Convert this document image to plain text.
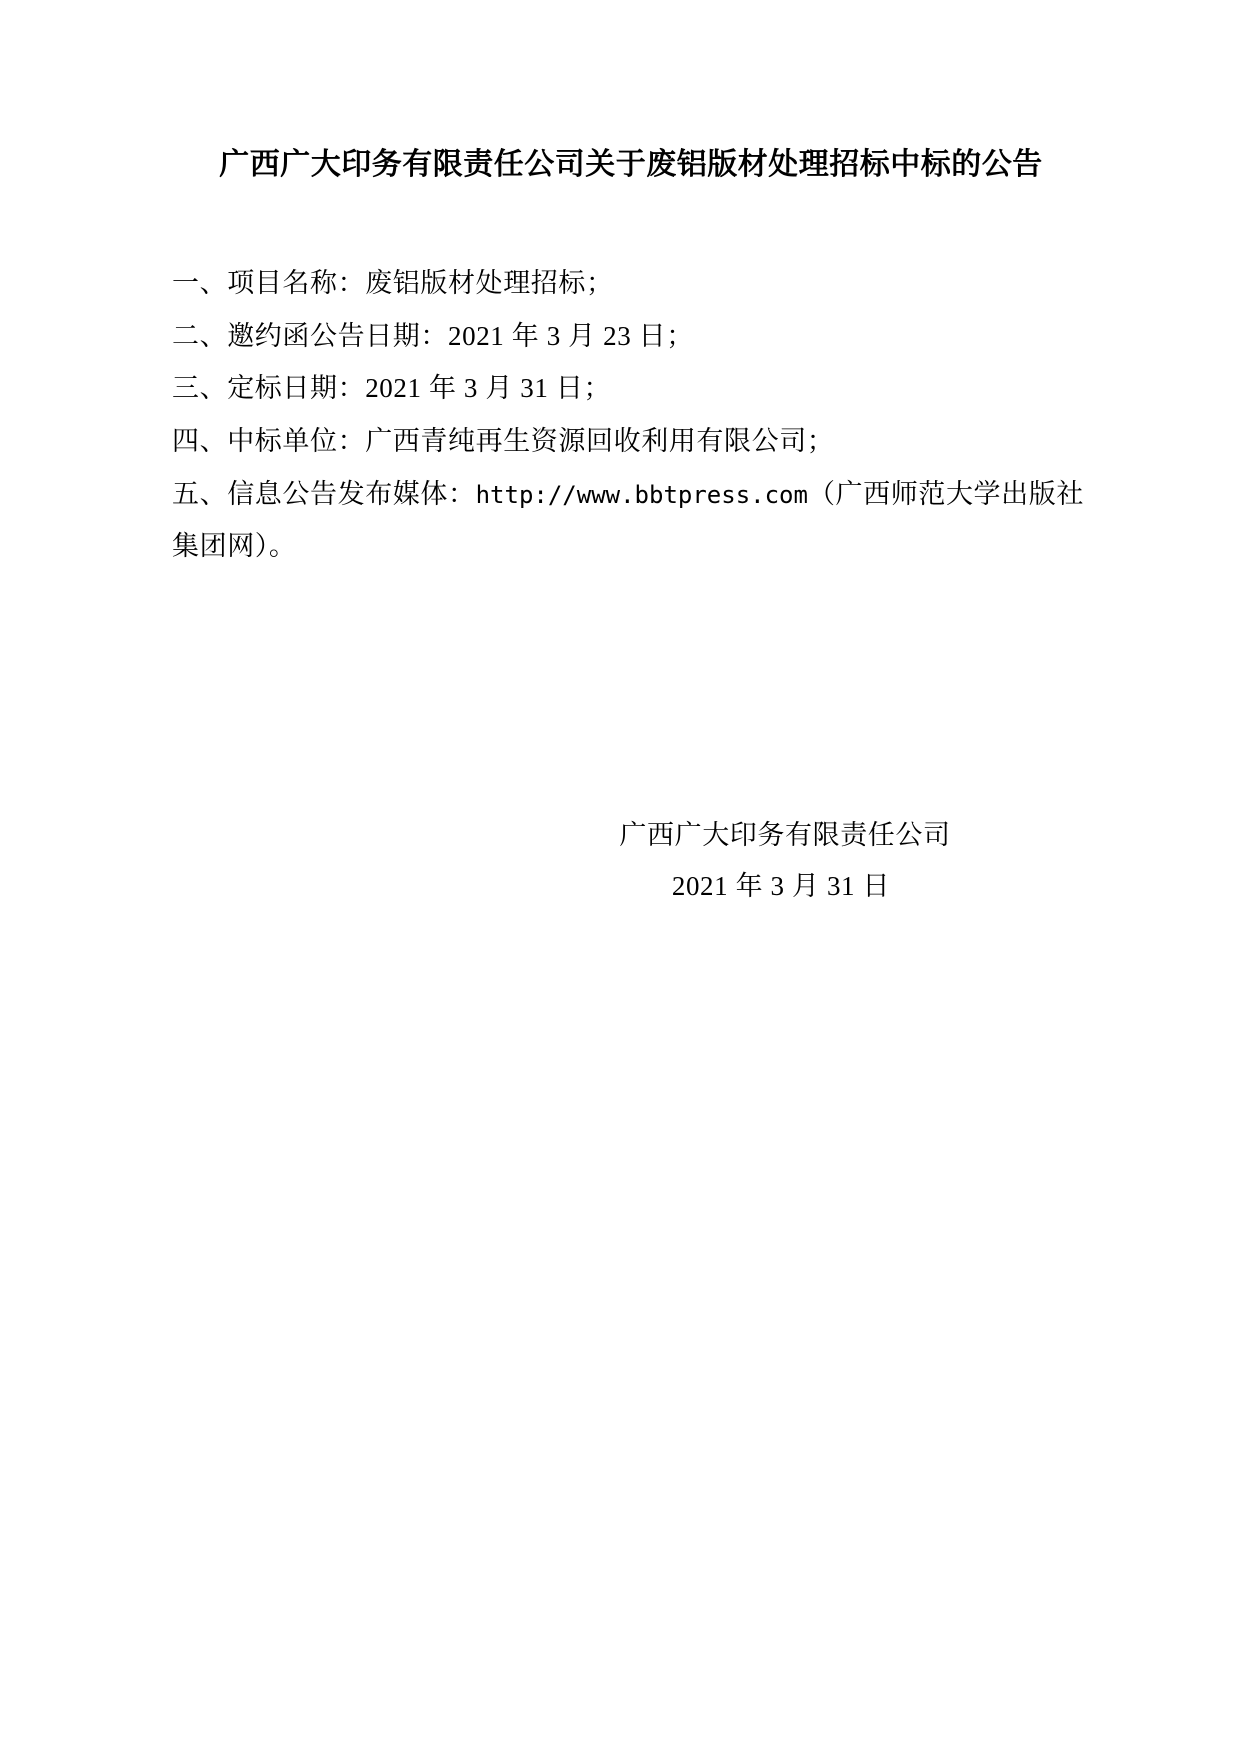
广西广大印务有限责任公司关于废铝版材处理招标中标的公告

一、项目名称：废铝版材处理招标；

二、邀约函公告日期：2021 年 3 月 23 日；

三、定标日期：2021 年 3 月 31 日；

四、中标单位：广西青纯再生资源回收利用有限公司；

五、信息公告发布媒体：http://www.bbtpress.com（广西师范大学出版社集团网）。

广西广大印务有限责任公司
2021 年 3 月 31 日
